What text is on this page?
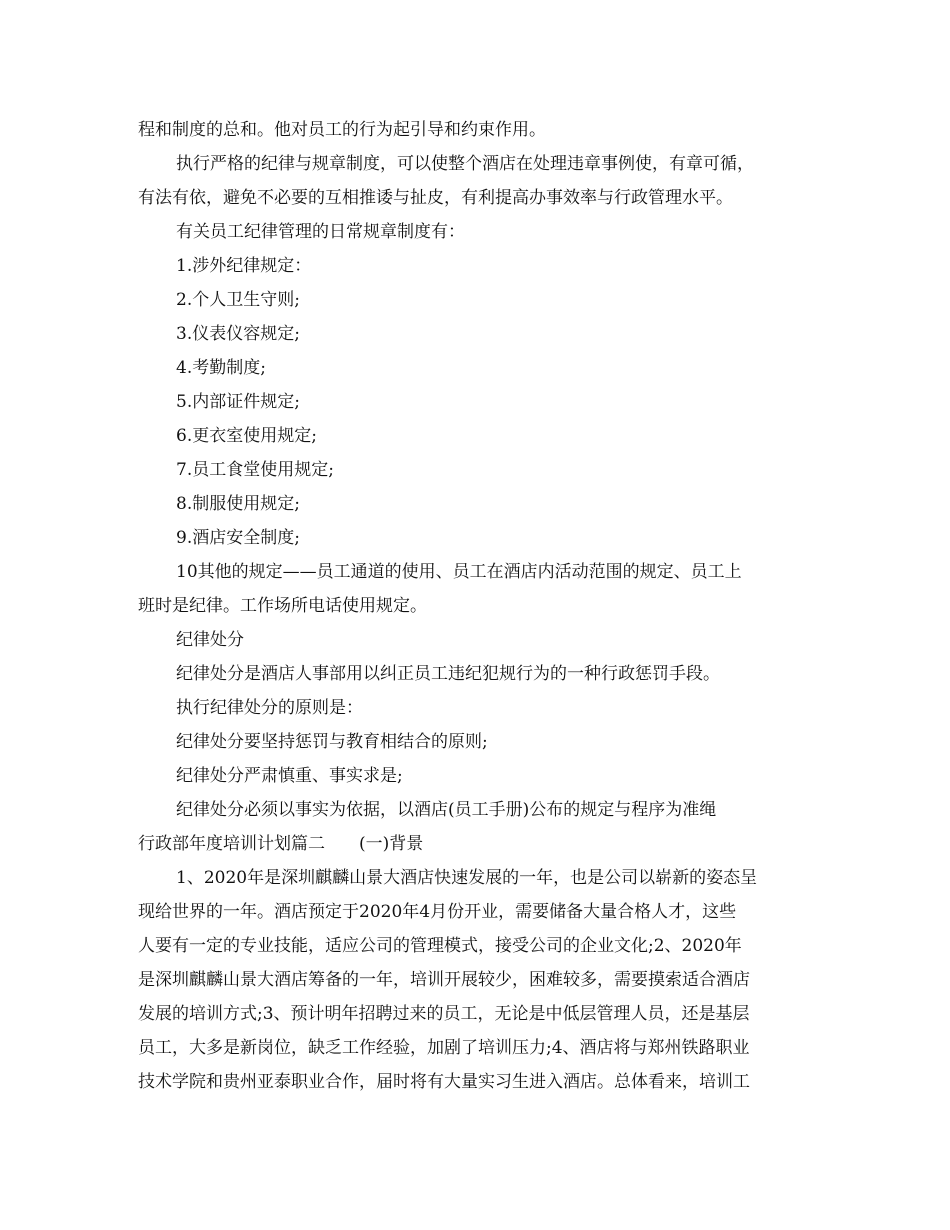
程和制度的总和。他对员工的行为起引导和约束作用。
执行严格的纪律与规章制度，可以使整个酒店在处理违章事例使，有章可循，
有法有依，避免不必要的互相推诿与扯皮，有利提高办事效率与行政管理水平。
有关员工纪律管理的日常规章制度有：
1.涉外纪律规定：
2.个人卫生守则;
3.仪表仪容规定;
4.考勤制度;
5.内部证件规定;
6.更衣室使用规定;
7.员工食堂使用规定;
8.制服使用规定;
9.酒店安全制度;
10其他的规定——员工通道的使用、员工在酒店内活动范围的规定、员工上
班时是纪律。工作场所电话使用规定。
纪律处分
纪律处分是酒店人事部用以纠正员工违纪犯规行为的一种行政惩罚手段。
执行纪律处分的原则是：
纪律处分要坚持惩罚与教育相结合的原则;
纪律处分严肃慎重、事实求是;
纪律处分必须以事实为依据，以酒店(员工手册)公布的规定与程序为准绳
行政部年度培训计划篇二　　(一)背景
1、2020年是深圳麒麟山景大酒店快速发展的一年，也是公司以崭新的姿态呈
现给世界的一年。酒店预定于2020年4月份开业，需要储备大量合格人才，这些
人要有一定的专业技能，适应公司的管理模式，接受公司的企业文化;2、2020年
是深圳麒麟山景大酒店筹备的一年，培训开展较少，困难较多，需要摸索适合酒店
发展的培训方式;3、预计明年招聘过来的员工，无论是中低层管理人员，还是基层
员工，大多是新岗位，缺乏工作经验，加剧了培训压力;4、酒店将与郑州铁路职业
技术学院和贵州亚泰职业合作，届时将有大量实习生进入酒店。总体看来，培训工
